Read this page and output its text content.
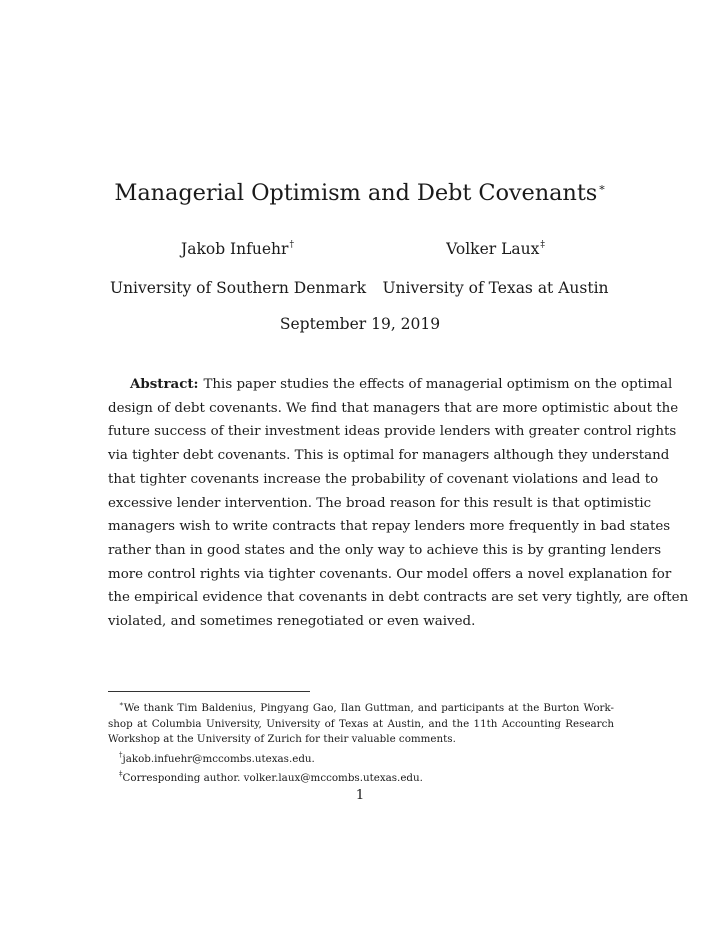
Managerial Optimism and Debt Covenants∗
Jakob Infuehr†	Volker Laux‡
University of Southern Denmark University of Texas at Austin
September 19, 2019
Abstract: This paper studies the effects of managerial optimism on the optimal
design of debt covenants. We find that managers that are more optimistic about the
future success of their investment ideas provide lenders with greater control rights
via tighter debt covenants. This is optimal for managers although they understand
that tighter covenants increase the probability of covenant violations and lead to
excessive lender intervention. The broad reason for this result is that optimistic
managers wish to write contracts that repay lenders more frequently in bad states
rather than in good states and the only way to achieve this is by granting lenders
more control rights via tighter covenants. Our model offers a novel explanation for
the empirical evidence that covenants in debt contracts are set very tightly, are often
violated, and sometimes renegotiated or even waived.
∗We thank Tim Baldenius, Pingyang Gao, Ilan Guttman, and participants at the Burton Work-
shop at Columbia University, University of Texas at Austin, and the 11th Accounting Research
Workshop at the University of Zurich for their valuable comments.
†jakob.infuehr@mccombs.utexas.edu.
‡Corresponding author. volker.laux@mccombs.utexas.edu.
1
